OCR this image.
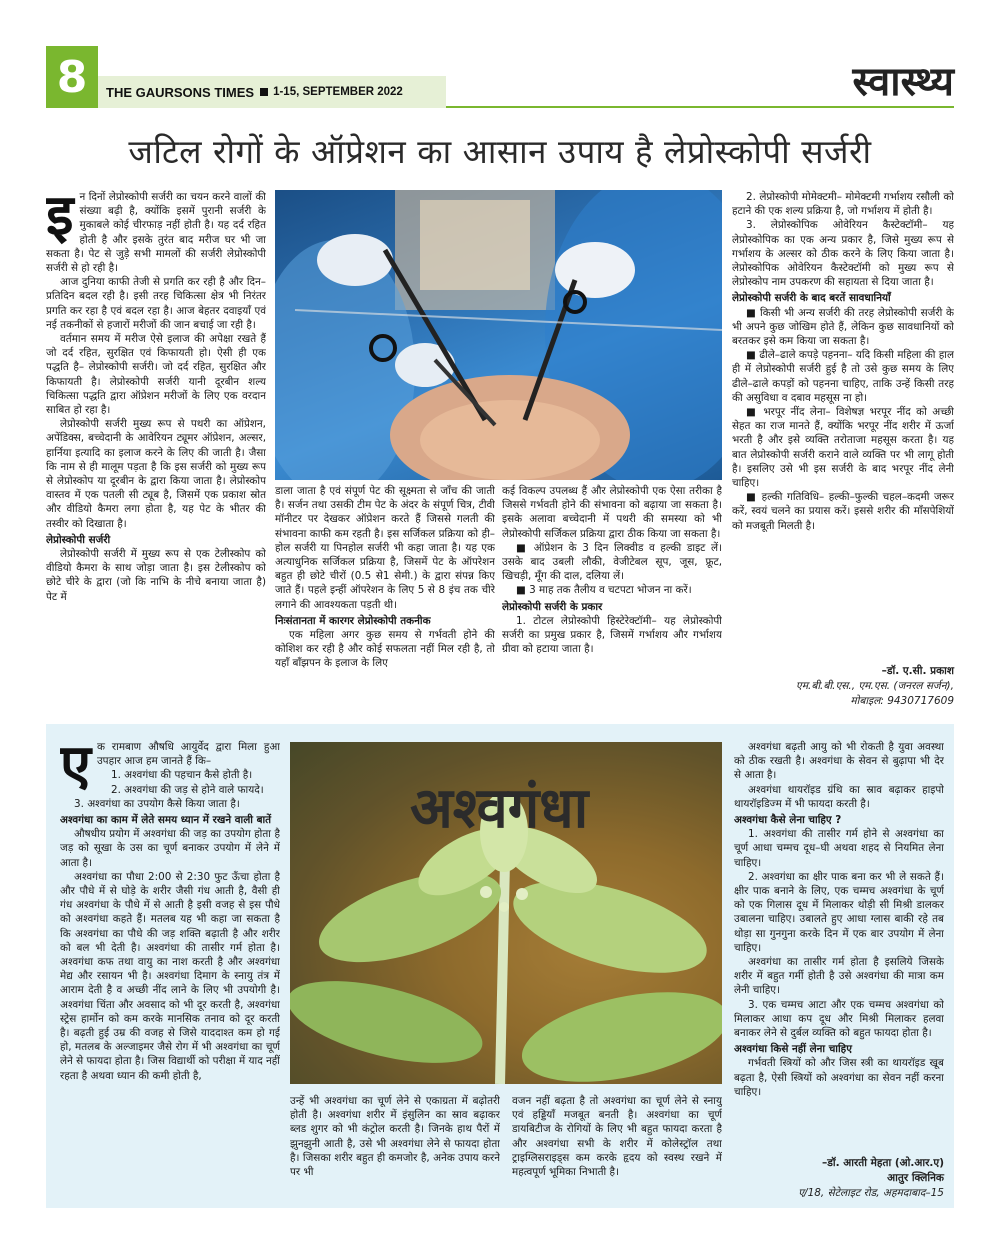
8	THE GAURSONS TIMES 1-15, SEPTEMBER 2022	स्वास्थ्य
जटिल रोगों के ऑप्रेशन का आसान उपाय है लेप्रोस्कोपी सर्जरी
इ न दिनों लेप्रोस्कोपी सर्जरी का चयन करने वालों की संख्या बढ़ी है, क्योंकि इसमें पुरानी सर्जरी के मुकाबले कोई चीरफाड़ नहीं होती है। यह दर्द रहित होती है और इसके तुरंत बाद मरीज घर भी जा सकता है। पेट से जुड़े सभी मामलों की सर्जरी लेप्रोस्कोपी सर्जरी से हो रही है।

आज दुनिया काफी तेजी से प्रगति कर रही है और दिन–प्रतिदिन बदल रही है। इसी तरह चिकित्सा क्षेत्र भी निरंतर प्रगति कर रहा है एवं बदल रहा है। आज बेहतर दवाइयाँ एवं नई तकनीकों से हजारों मरीजों की जान बचाई जा रही है।

वर्तमान समय में मरीज ऐसे इलाज की अपेक्षा रखते हैं जो दर्द रहित, सुरक्षित एवं किफायती हो। ऐसी ही एक पद्धति है– लेप्रोस्कोपी सर्जरी। जो दर्द रहित, सुरक्षित और किफायती है। लेप्रोस्कोपी सर्जरी यानी दूरबीन शल्य चिकित्सा पद्धति द्वारा ऑप्रेशन मरीजों के लिए एक वरदान साबित हो रहा है।

लेप्रोस्कोपी सर्जरी मुख्य रूप से पथरी का ऑप्रेशन, अपेंडिक्स, बच्चेदानी के आवेरियन ट्यूमर ऑप्रेशन, अल्सर, हार्निया इत्यादि का इलाज करने के लिए की जाती है। जैसा कि नाम से ही मालूम पड़ता है कि इस सर्जरी को मुख्य रूप से लेप्रोस्कोप या दूरबीन के द्वारा किया जाता है। लेप्रोस्कोप वास्तव में एक पतली सी ट्यूब है, जिसमें एक प्रकाश स्रोत और वीडियो कैमरा लगा होता है, यह पेट के भीतर की तस्वीर को दिखाता है।

लेप्रोस्कोपी सर्जरी

लेप्रोस्कोपी सर्जरी में मुख्य रूप से एक टेलीस्कोप को वीडियो कैमरा के साथ जोड़ा जाता है। इस टेलीस्कोप को छोटे चीरे के द्वारा (जो कि नाभि के नीचे बनाया जाता है) पेट में

डाला जाता है एवं संपूर्ण पेट की सूक्ष्मता से जाँच की जाती है। सर्जन तथा उसकी टीम पेट के अंदर के संपूर्ण चित्र, टीवी मॉनीटर पर देखकर ऑप्रेशन करते हैं जिससे गलती की संभावना काफी कम रहती है। इस सर्जिकल प्रक्रिया को ही– होल सर्जरी या पिनहोल सर्जरी भी कहा जाता है। यह एक अत्याधुनिक सर्जिकल प्रक्रिया है, जिसमें पेट के ऑपरेशन बहुत ही छोटे चीरों (0.5 से1 सेमी.) के द्वारा संपन्न किए जाते हैं। पहले इन्हीं ऑपरेशन के लिए 5 से 8 इंच तक चीरे लगाने की आवश्यकता पड़ती थी।

निःसंतानता में कारगर लेप्रोस्कोपी तकनीक

एक महिला अगर कुछ समय से गर्भवती होने की कोशिश कर रही है और कोई सफलता नहीं मिल रही है, तो यहाँ बाँझपन के इलाज के लिए

कई विकल्प उपलब्ध हैं और लेप्रोस्कोपी एक ऐसा तरीका है जिससे गर्भवती होने की संभावना को बढ़ाया जा सकता है। इसके अलावा बच्चेदानी में पथरी की समस्या को भी लेप्रोस्कोपी सर्जिकल प्रक्रिया द्वारा ठीक किया जा सकता है।

■ ऑप्रेशन के 3 दिन लिक्वीड व हल्की डाइट लें। उसके बाद उबली लौकी, वेजीटेबल सूप, जूस, फ्रूट, खिचड़ी, मूँग की दाल, दलिया लें।

■ 3 माह तक तैलीय व चटपटा भोजन ना करें।

लेप्रोस्कोपी सर्जरी के प्रकार

1. टोटल लेप्रोस्कोपी हिस्टेरेक्टॉमी– यह लेप्रोस्कोपी सर्जरी का प्रमुख प्रकार है, जिसमें गर्भाशय और गर्भाशय ग्रीवा को हटाया जाता है।

2. लेप्रोस्कोपी मोमेक्टमी– मोमेक्टमी गर्भाशय रसौली को हटाने की एक शल्य प्रक्रिया है, जो गर्भाशय में होती है।

3. लेप्रोस्कोपिक ओवेरियन कैस्टेक्टॉमी– यह लेप्रोस्कोपिक का एक अन्य प्रकार है, जिसे मुख्य रूप से गर्भाशय के अल्सर को ठीक करने के लिए किया जाता है। लेप्रोस्कोपिक ओवेरियन कैस्टेक्टॉमी को मुख्य रूप से लेप्रोस्कोप नाम उपकरण की सहायता से दिया जाता है।

लेप्रोस्कोपी सर्जरी के बाद बरतें सावधानियाँ

■ किसी भी अन्य सर्जरी की तरह लेप्रोस्कोपी सर्जरी के भी अपने कुछ जोखिम होते हैं, लेकिन कुछ सावधानियों को बरतकर इसे कम किया जा सकता है।

■ ढीले–ढाले कपड़े पहनना– यदि किसी महिला की हाल ही में लेप्रोस्कोपी सर्जरी हुई है तो उसे कुछ समय के लिए ढीले–ढाले कपड़ों को पहनना चाहिए, ताकि उन्हें किसी तरह की असुविधा व दबाव महसूस ना हो।

■ भरपूर नींद लेना– विशेषज्ञ भरपूर नींद को अच्छी सेहत का राज मानते हैं, क्योंकि भरपूर नींद शरीर में ऊर्जा भरती है और इसे व्यक्ति तरोताजा महसूस करता है। यह बात लेप्रोस्कोपी सर्जरी कराने वाले व्यक्ति पर भी लागू होती है। इसलिए उसे भी इस सर्जरी के बाद भरपूर नींद लेनी चाहिए।

■ हल्की गतिविधि– हल्की–फुल्की चहल–कदमी जरूर करें, स्वयं चलने का प्रयास करें। इससे शरीर की माँसपेशियों को मजबूती मिलती है।

–डॉ. ए.सी. प्रकाश
एम.बी.बी.एस., एम.एस. (जनरल सर्जन),
मोबाइल: 9430717609
अश्वगंधा
ए क रामबाण औषधि आयुर्वेद द्वारा मिला हुआ उपहार आज हम जानते हैं कि–

1. अश्वगंधा की पहचान कैसे होती है।

2. अश्वगंधा की जड़ से होने वाले फायदे।

3. अश्वगंधा का उपयोग कैसे किया जाता है।

अश्वगंधा का काम में लेते समय ध्यान में रखने वाली बातें

औषधीय प्रयोग में अश्वगंधा की जड़ का उपयोग होता है जड़ को सूखा के उस का चूर्ण बनाकर उपयोग में लेने में आता है।

अश्वगंधा का पौधा 2:00 से 2:30 फुट ऊँचा होता है और पौधे में से घोड़े के शरीर जैसी गंध आती है, वैसी ही गंध अश्वगंधा के पौधे में से आती है इसी वजह से इस पौधे को अश्वगंधा कहते हैं। मतलब यह भी कहा जा सकता है कि अश्वगंधा का पौधे की जड़ शक्ति बढ़ाती है और शरीर को बल भी देती है। अश्वगंधा की तासीर गर्म होता है। अश्वगंधा कफ तथा वायु का नाश करती है और अश्वगंधा मेद्य और रसायन भी है। अश्वगंधा दिमाग के स्नायु तंत्र में आराम देती है व अच्छी नींद लाने के लिए भी उपयोगी है। अश्वगंधा चिंता और अवसाद को भी दूर करती है, अश्वगंधा स्ट्रेस हार्मोन को कम करके मानसिक तनाव को दूर करती है। बढ़ती हुई उम्र की वजह से जिसे याददाश्त कम हो गई हो, मतलब के अल्जाइमर जैसे रोग में भी अश्वगंधा का चूर्ण लेने से फायदा होता है। जिस विद्यार्थी को परीक्षा में याद नहीं रहता है अथवा ध्यान की कमी होती है,

उन्हें भी अश्वगंधा का चूर्ण लेने से एकाग्रता में बढ़ोतरी होती है। अश्वगंधा शरीर में इंसुलिन का स्राव बढ़ाकर ब्लड शुगर को भी कंट्रोल करती है। जिनके हाथ पैरों में झुनझुनी आती है, उसे भी अश्वगंधा लेने से फायदा होता है। जिसका शरीर बहुत ही कमजोर है, अनेक उपाय करने पर भी

वजन नहीं बढ़ता है तो अश्वगंधा का चूर्ण लेने से स्नायु एवं हड्डियाँ मजबूत बनती है। अश्वगंधा का चूर्ण डायबिटीज के रोगियों के लिए भी बहुत फायदा करता है और अश्वगंधा सभी के शरीर में कोलेस्ट्रॉल तथा ट्राइग्लिसराइड्स कम करके हृदय को स्वस्थ रखने में महत्वपूर्ण भूमिका निभाती है।

अश्वगंधा बढ़ती आयु को भी रोकती है युवा अवस्था को ठीक रखती है। अश्वगंधा के सेवन से बुढ़ापा भी देर से आता है।

अश्वगंधा थायरॉइड ग्रंथि का स्राव बढ़ाकर हाइपो थायरॉइडिज्म में भी फायदा करती है।

अश्वगंधा कैसे लेना चाहिए ?

1. अश्वगंधा की तासीर गर्म होने से अश्वगंधा का चूर्ण आधा चम्मच दूध–घी अथवा शहद से नियमित लेना चाहिए।

2. अश्वगंधा का क्षीर पाक बना कर भी ले सकते हैं। क्षीर पाक बनाने के लिए, एक चम्मच अश्वगंधा के चूर्ण को एक गिलास दूध में मिलाकर थोड़ी सी मिश्री डालकर उबालना चाहिए। उबालते हुए आधा ग्लास बाकी रहे तब थोड़ा सा गुनगुना करके दिन में एक बार उपयोग में लेना चाहिए।

अश्वगंधा का तासीर गर्म होता है इसलिये जिसके शरीर में बहुत गर्मी होती है उसे अश्वगंधा की मात्रा कम लेनी चाहिए।

3. एक चम्मच आटा और एक चम्मच अश्वगंधा को मिलाकर आधा कप दूध और मिश्री मिलाकर हलवा बनाकर लेने से दुर्बल व्यक्ति को बहुत फायदा होता है।

अश्वगंधा किसे नहीं लेना चाहिए

गर्भवती स्त्रियों को और जिस स्त्री का थायरॉइड खूब बढ़ता है, ऐसी स्त्रियों को अश्वगंधा का सेवन नहीं करना चाहिए।

–डॉ. आरती मेहता (ओ.आर.ए)
आतुर क्लिनिक
ए/18, सेटेलाइट रोड, अहमदाबाद–15
